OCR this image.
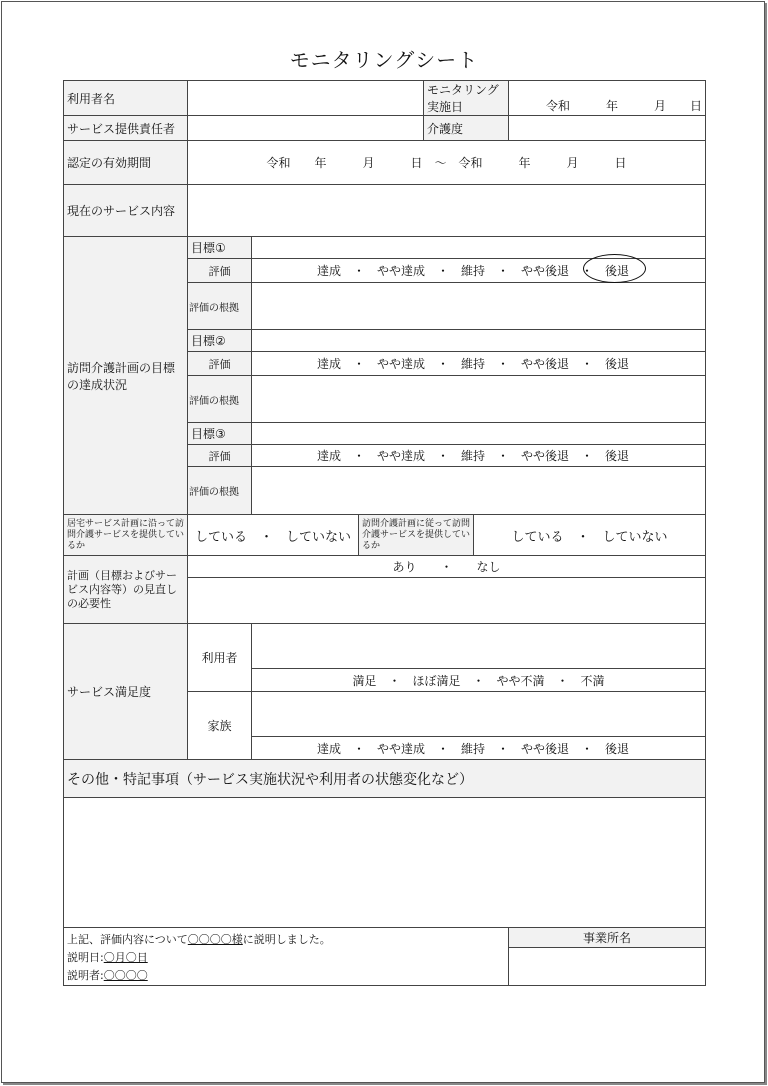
モニタリングシート
利用者名				モニタリング実施日		令和　　　年　　　月　　日
サービス提供責任者				介護度		
認定の有効期間	令和　　年　　　月　　　日　～　令和　　　年　　　月　　　日					
現在のサービス内容						
訪問介護計画の目標の達成状況	目標①					
	評価	達成　・　やや達成　・　維持　・　やや後退　・　後退				
	評価の根拠					
	目標②					
	評価	達成　・　やや達成　・　維持　・　やや後退　・　後退				
	評価の根拠					
	目標③					
	評価	達成　・　やや達成　・　維持　・　やや後退　・　後退				
	評価の根拠					
居宅サービス計画に沿って訪問介護サービスを提供しているか	している　・　していない		訪問介護計画に従って訪問介護サービスを提供しているか		している　・　していない	
計画（目標およびサービス内容等）の見直しの必要性	あり　　・　　なし					

サービス満足度	利用者					
		満足　・　ほぼ満足　・　やや不満　・　不満				
	家族					
		達成　・　やや達成　・　維持　・　やや後退　・　後退				
その他・特記事項（サービス実施状況や利用者の状態変化など）						

上記、評価内容について〇〇〇〇様に説明しました。
説明日:〇月〇日
説明者:〇〇〇〇						事業所名
